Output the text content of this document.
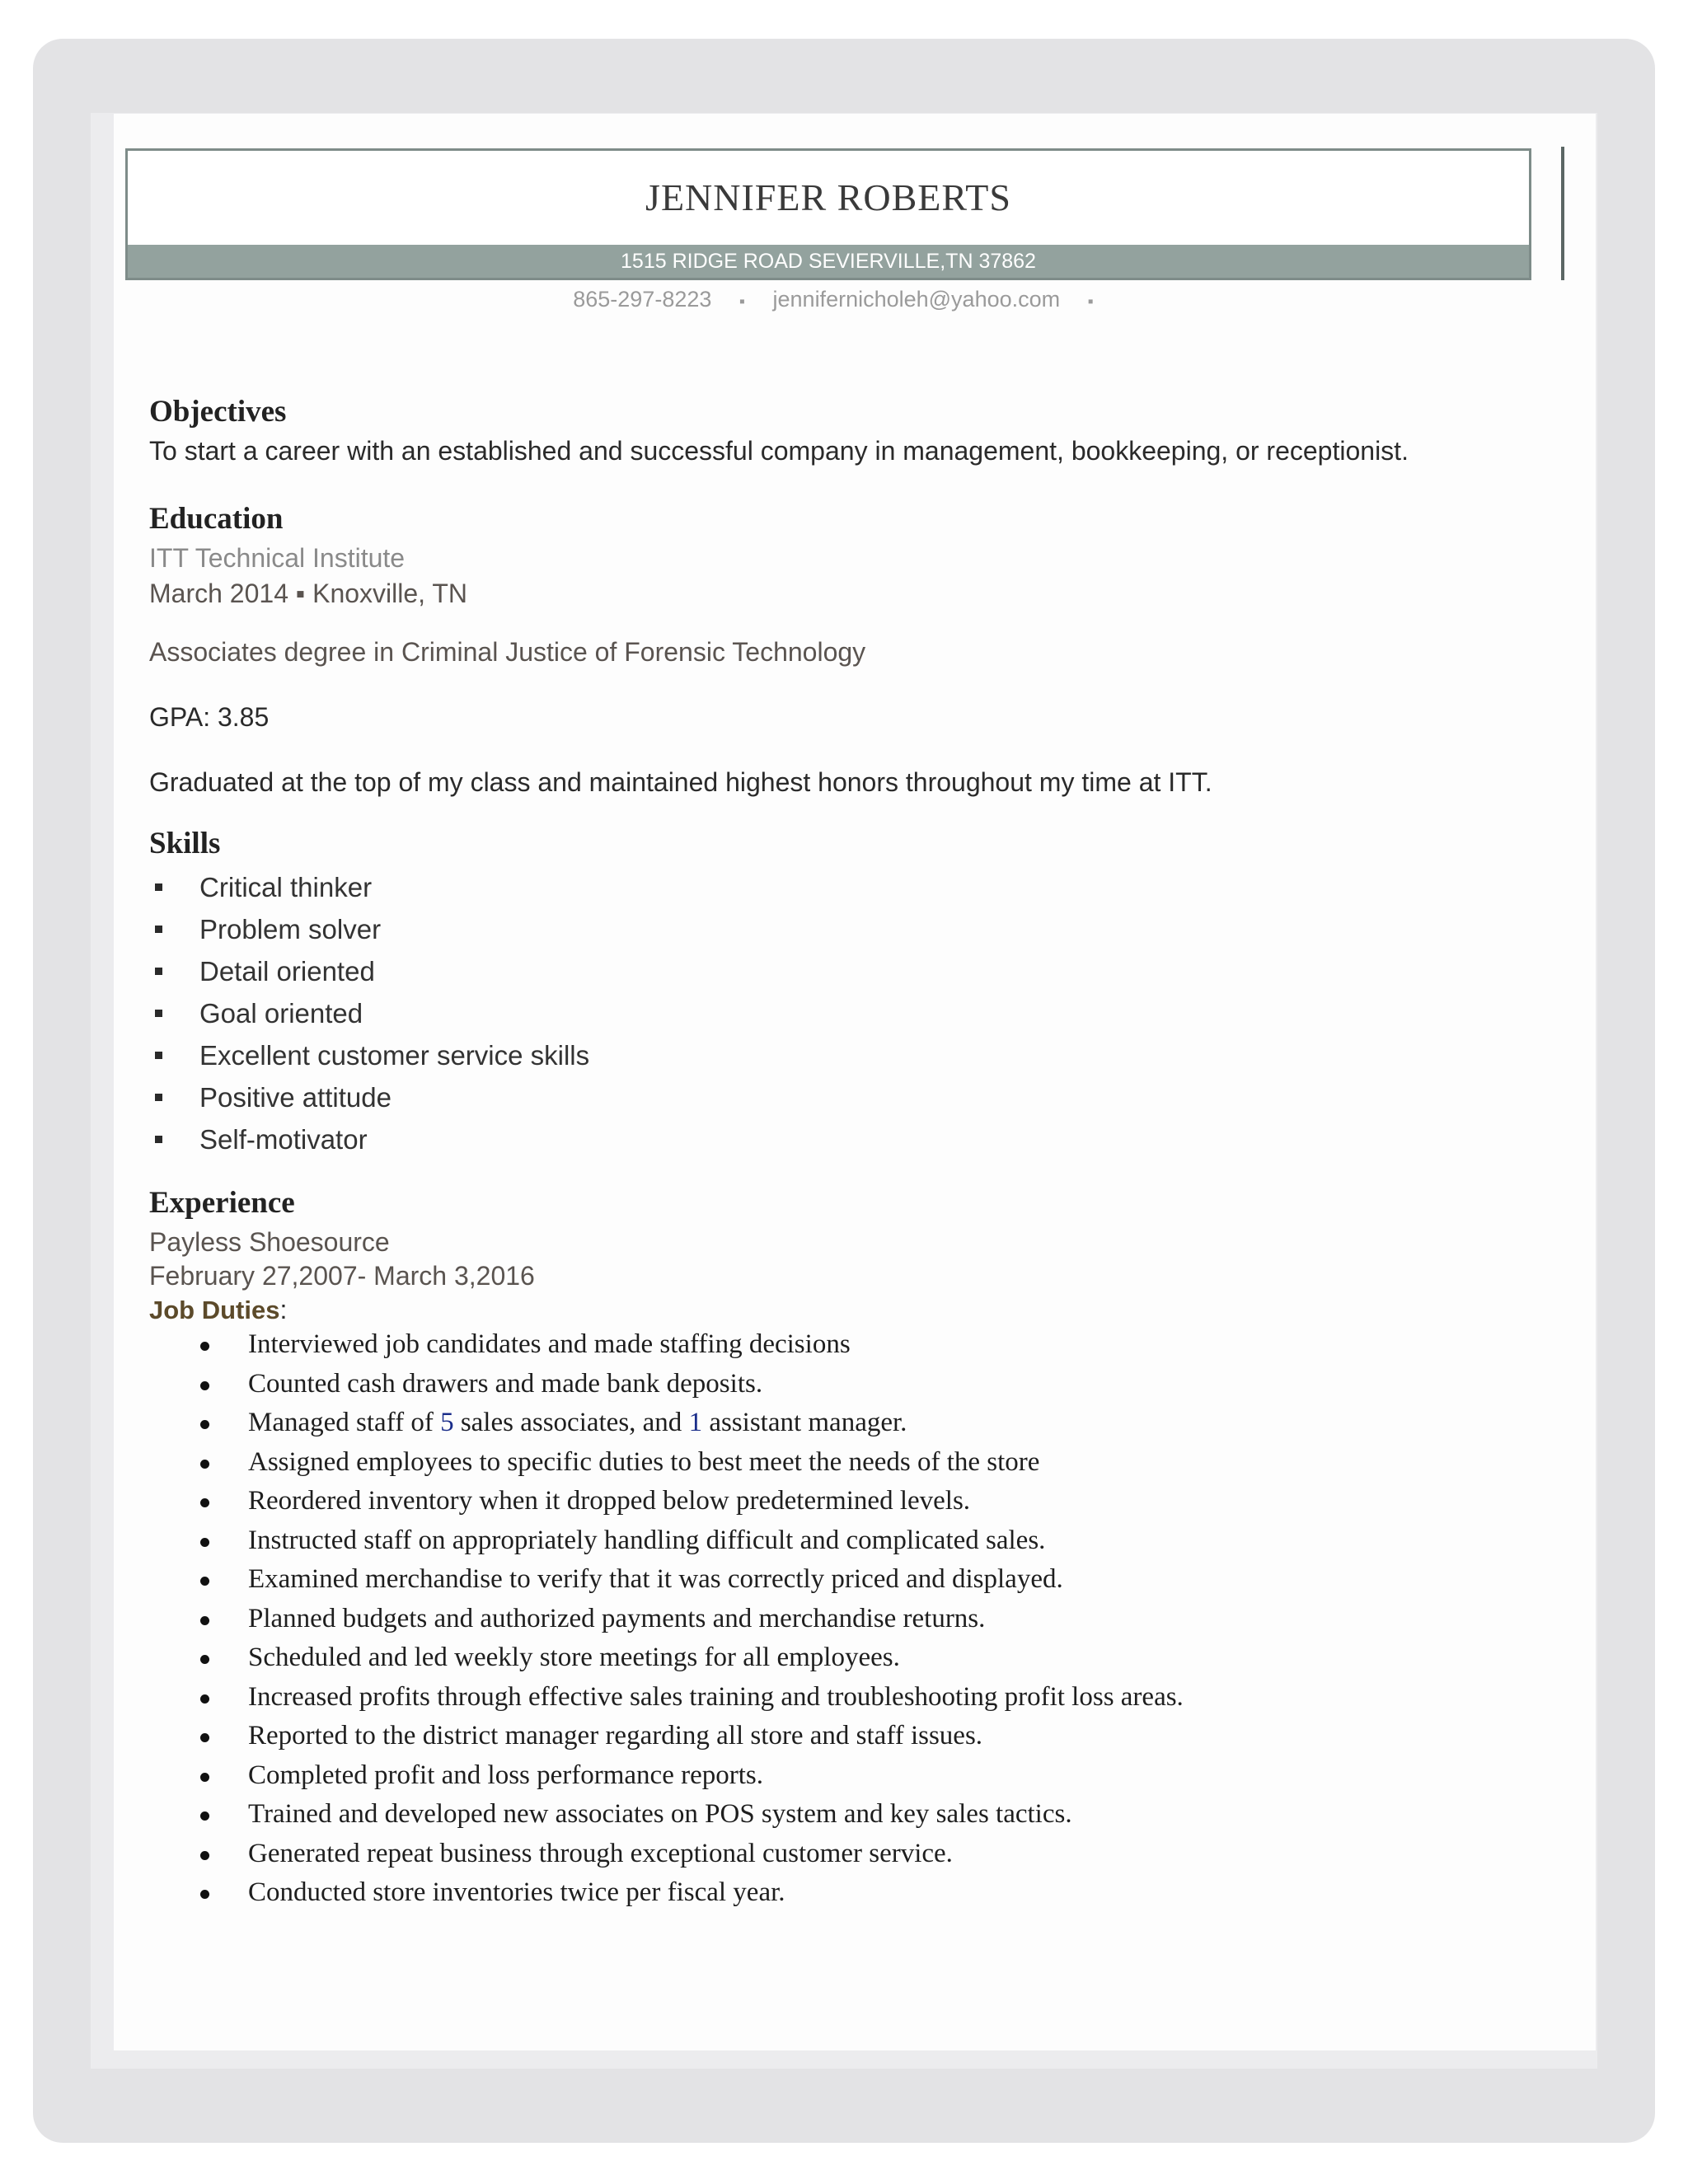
JENNIFER ROBERTS
1515 RIDGE ROAD SEVIERVILLE,TN 37862
865-297-8223 ▪ jennifernicholeh@yahoo.com ▪
Objectives
To start a career with an established and successful company in management, bookkeeping, or receptionist.
Education
ITT Technical Institute
March 2014 ▪ Knoxville, TN
Associates degree in Criminal Justice of Forensic Technology
GPA: 3.85
Graduated at the top of my class and maintained highest honors throughout my time at ITT.
Skills
Critical thinker
Problem solver
Detail oriented
Goal oriented
Excellent customer service skills
Positive attitude
Self-motivator
Experience
Payless Shoesource
February 27,2007- March 3,2016
Job Duties:
Interviewed job candidates and made staffing decisions
Counted cash drawers and made bank deposits.
Managed staff of 5 sales associates, and 1 assistant manager.
Assigned employees to specific duties to best meet the needs of the store
Reordered inventory when it dropped below predetermined levels.
Instructed staff on appropriately handling difficult and complicated sales.
Examined merchandise to verify that it was correctly priced and displayed.
Planned budgets and authorized payments and merchandise returns.
Scheduled and led weekly store meetings for all employees.
Increased profits through effective sales training and troubleshooting profit loss areas.
Reported to the district manager regarding all store and staff issues.
Completed profit and loss performance reports.
Trained and developed new associates on POS system and key sales tactics.
Generated repeat business through exceptional customer service.
Conducted store inventories twice per fiscal year.
